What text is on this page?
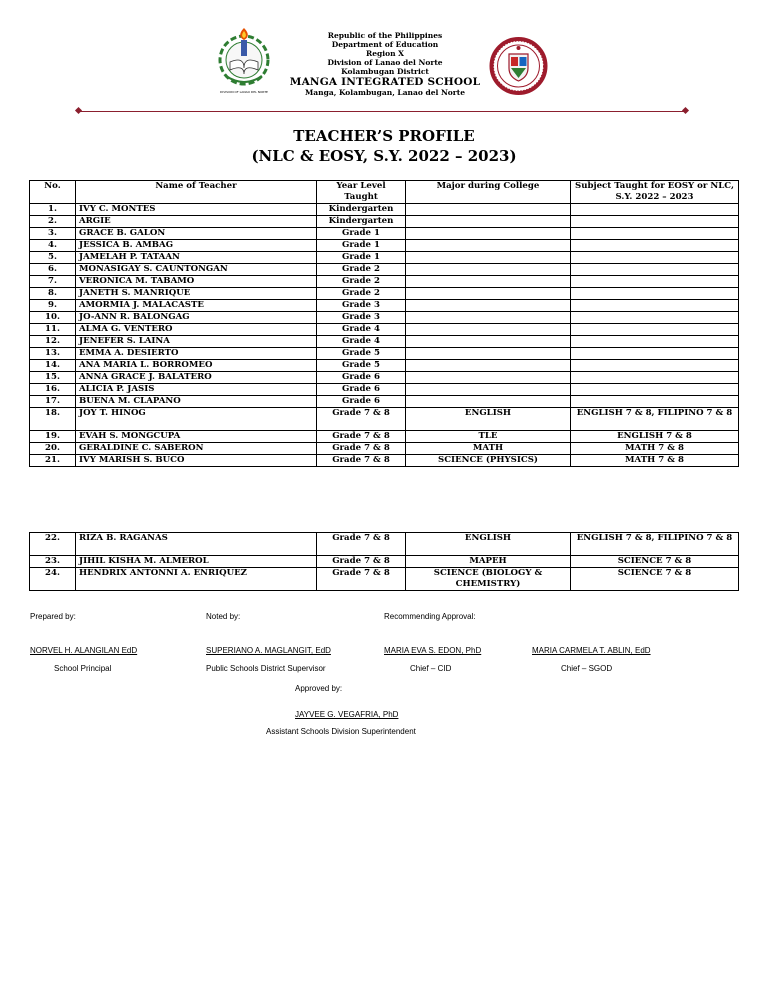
DIVISION OF LANAO DEL NORTE
Republic of the Philippines
Department of Education
Region X
Division of Lanao del Norte
Kolambugan District
MANGA INTEGRATED SCHOOL
Manga, Kolambugan, Lanao del Norte
TEACHER’S PROFILE
(NLC & EOSY, S.Y. 2022 – 2023)
No.	Name of Teacher	Year Level Taught	Major during College	Subject Taught for EOSY or NLC, S.Y. 2022 – 2023
1.	IVY C. MONTES	Kindergarten		
2.	ARGIE	Kindergarten		
3.	GRACE B. GALON	Grade 1		
4.	JESSICA B. AMBAG	Grade 1		
5.	JAMELAH P. TATAAN	Grade 1		
6.	MONASIGAY S. CAUNTONGAN	Grade 2		
7.	VERONICA M. TABAMO	Grade 2		
8.	JANETH S. MANRIQUE	Grade 2		
9.	AMORMIA J. MALACASTE	Grade 3		
10.	JO-ANN R. BALONGAG	Grade 3		
11.	ALMA G. VENTERO	Grade 4		
12.	JENEFER S. LAINA	Grade 4		
13.	EMMA A. DESIERTO	Grade 5		
14.	ANA MARIA L. BORROMEO	Grade 5		
15.	ANNA GRACE J. BALATERO	Grade 6		
16.	ALICIA P. JASIS	Grade 6		
17.	BUENA M. CLAPANO	Grade 6		
18.	JOY T. HINOG	Grade 7 & 8	ENGLISH	ENGLISH 7 & 8, FILIPINO 7 & 8
19.	EVAH S. MONGCUPA	Grade 7 & 8	TLE	ENGLISH 7 & 8
20.	GERALDINE C. SABERON	Grade 7 & 8	MATH	MATH 7 & 8
21.	IVY MARISH S. BUCO	Grade 7 & 8	SCIENCE (PHYSICS)	MATH 7 & 8
22.	RIZA B. RAGANAS	Grade 7 & 8	ENGLISH	ENGLISH 7 & 8, FILIPINO 7 & 8
23.	JIHIL KISHA M. ALMEROL	Grade 7 & 8	MAPEH	SCIENCE 7 & 8
24.	HENDRIX ANTONNI A. ENRIQUEZ	Grade 7 & 8	SCIENCE (BIOLOGY & CHEMISTRY)	SCIENCE 7 & 8
Prepared by:	Noted by:	Recommending Approval:
NORVEL H. ALANGILAN EdD	SUPERIANO A. MAGLANGIT, EdD	MARIA EVA S. EDON, PhD	MARIA CARMELA T. ABLIN, EdD
School Principal	Public Schools District Supervisor	Chief – CID	Chief – SGOD
Approved by:
JAYVEE G. VEGAFRIA, PhD
Assistant Schools Division Superintendent
